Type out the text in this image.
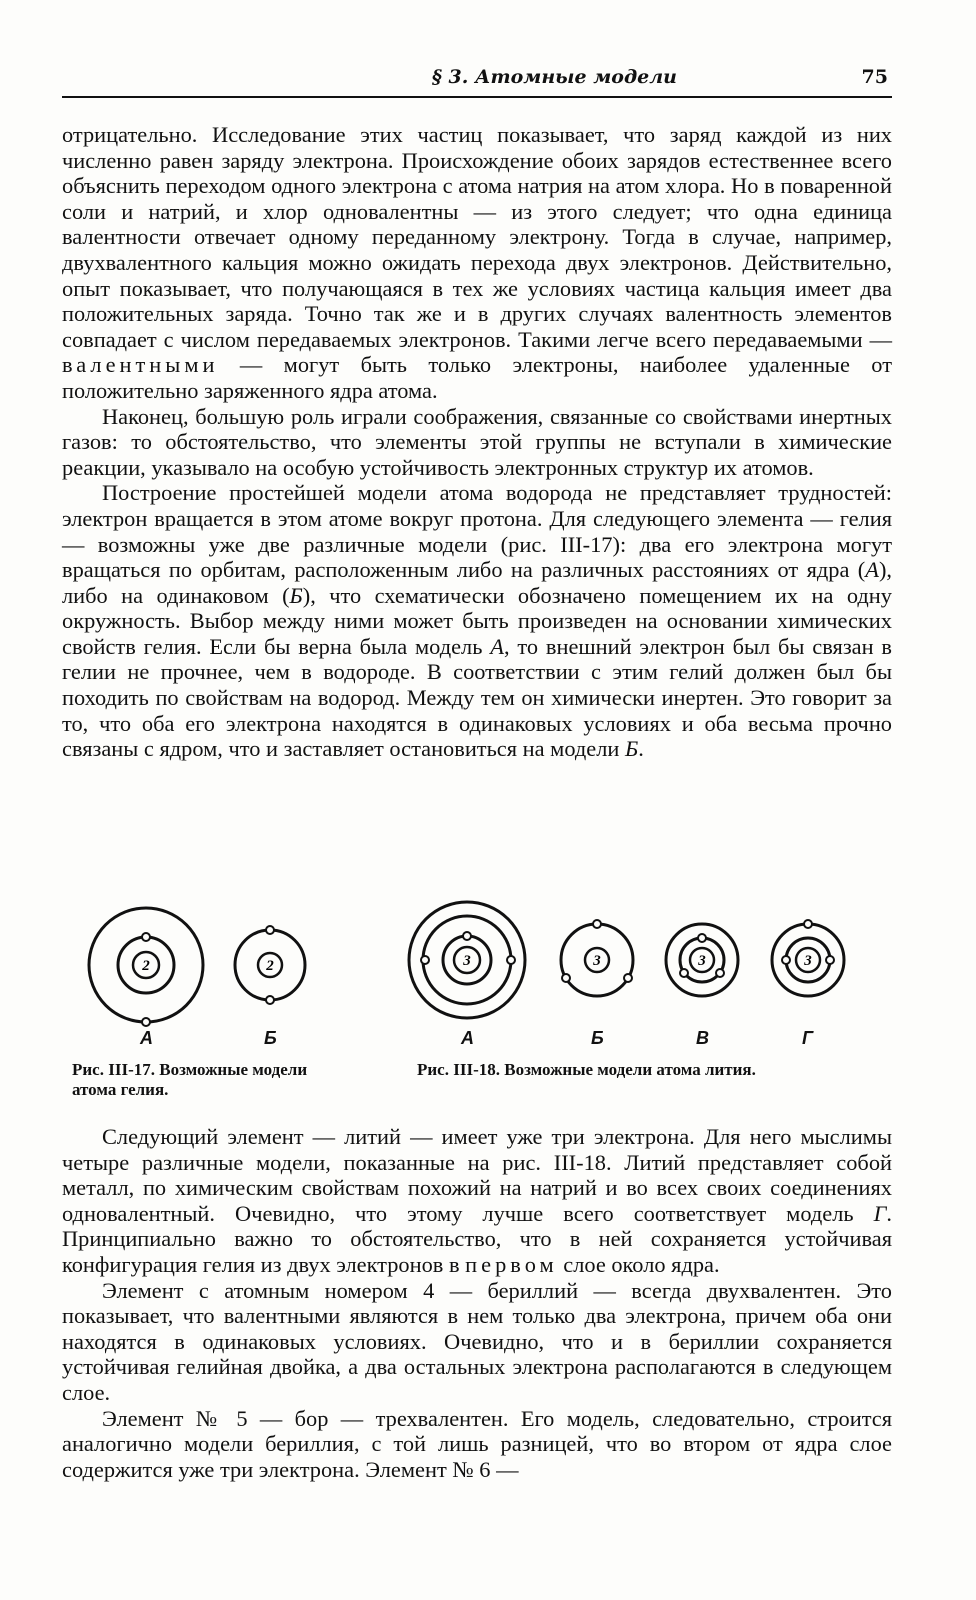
§ 3. Атомные модели	75

отрицательно. Исследование этих частиц показывает, что заряд каждой из них численно равен заряду электрона. Происхождение обоих зарядов естественнее всего объяснить переходом одного электрона с атома натрия на атом хлора. Но в поваренной соли и натрий, и хлор одновалентны — из этого следует; что одна единица валентности отвечает одному переданному электрону. Тогда в случае, например, двухвалентного кальция можно ожидать перехода двух электронов. Действительно, опыт показывает, что получающаяся в тех же условиях частица кальция имеет два положительных заряда. Точно так же и в других случаях валентность элементов совпадает с числом передаваемых электронов. Такими легче всего передаваемыми — валентными — могут быть только электроны, наиболее удаленные от положительно заряженного ядра атома.

Наконец, большую роль играли соображения, связанные со свойствами инертных газов: то обстоятельство, что элементы этой группы не вступали в химические реакции, указывало на особую устойчивость электронных структур их атомов.

Построение простейшей модели атома водорода не представляет трудностей: электрон вращается в этом атоме вокруг протона. Для следующего элемента — гелия — возможны уже две различные модели (рис. III-17): два его электрона могут вращаться по орбитам, расположенным либо на различных расстояниях от ядра (А), либо на одинаковом (Б), что схематически обозначено помещением их на одну окружность. Выбор между ними может быть произведен на основании химических свойств гелия. Если бы верна была модель А, то внешний электрон был бы связан в гелии не прочнее, чем в водороде. В соответствии с этим гелий должен был бы походить по свойствам на водород. Между тем он химически инертен. Это говорит за то, что оба его электрона находятся в одинаковых условиях и оба весьма прочно связаны с ядром, что и заставляет остановиться на модели Б.

2	2	3	3	3	3
А	Б	А	Б	В	Г
Рис. III-17. Возможные модели атома гелия.
Рис. III-18. Возможные модели атома лития.

Следующий элемент — литий — имеет уже три электрона. Для него мыслимы четыре различные модели, показанные на рис. III-18. Литий представляет собой металл, по химическим свойствам похожий на натрий и во всех своих соединениях одновалентный. Очевидно, что этому лучше всего соответствует модель Г. Принципиально важно то обстоятельство, что в ней сохраняется устойчивая конфигурация гелия из двух электронов в первом слое около ядра.

Элемент с атомным номером 4 — бериллий — всегда двухвалентен. Это показывает, что валентными являются в нем только два электрона, причем оба они находятся в одинаковых условиях. Очевидно, что и в бериллии сохраняется устойчивая гелийная двойка, а два остальных электрона располагаются в следующем слое.

Элемент № 5 — бор — трехвалентен. Его модель, следовательно, строится аналогично модели бериллия, с той лишь разницей, что во втором от ядра слое содержится уже три электрона. Элемент № 6 —
